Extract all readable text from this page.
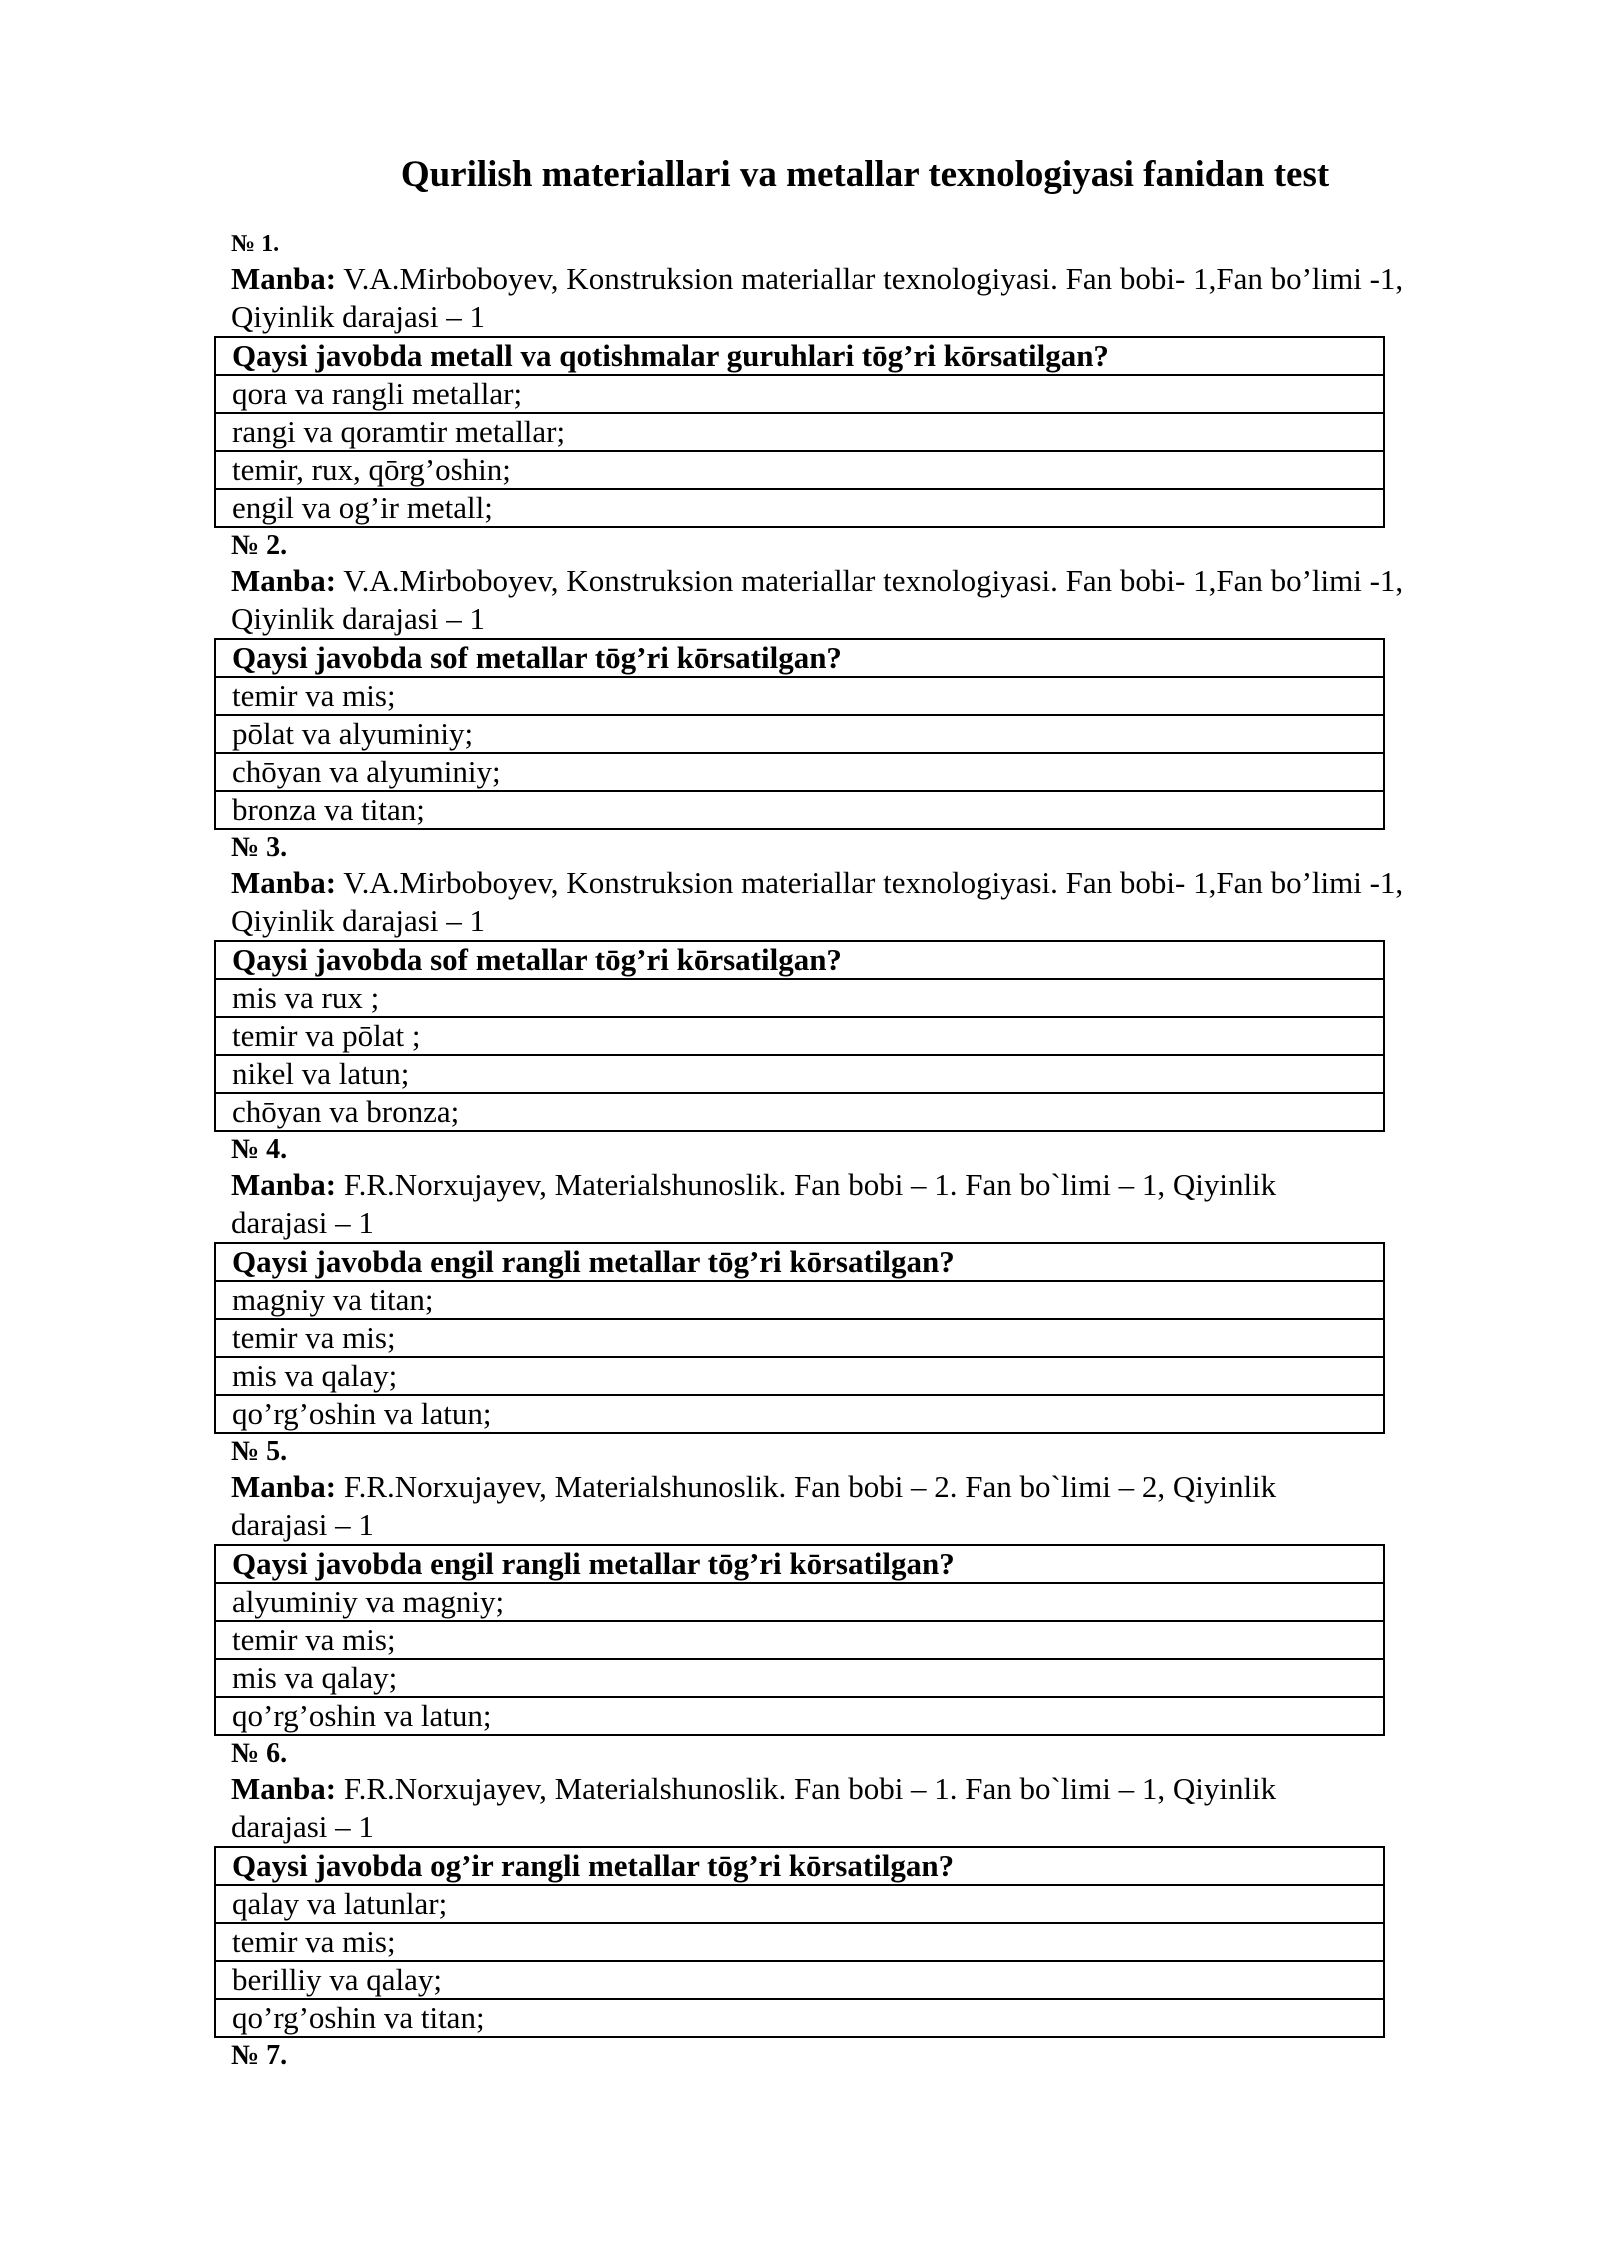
Qurilish materiallari va metallar texnologiyasi fanidan test
№ 1.
Manba: V.A.Mirboboyev, Konstruksion materiallar texnologiyasi. Fan bobi- 1,Fan bo’limi -1,
Qiyinlik darajasi – 1
Qaysi javobda metall va qotishmalar guruhlari tōg’ri kōrsatilgan?
qora va rangli metallar;
rangi va qoramtir metallar;
temir, rux, qōrg’oshin;
engil va og’ir metall;
№ 2.
Manba: V.A.Mirboboyev, Konstruksion materiallar texnologiyasi. Fan bobi- 1,Fan bo’limi -1,
Qiyinlik darajasi – 1
Qaysi javobda sof metallar tōg’ri kōrsatilgan?
temir va mis;
pōlat va alyuminiy;
chōyan va alyuminiy;
bronza va titan;
№ 3.
Manba: V.A.Mirboboyev, Konstruksion materiallar texnologiyasi. Fan bobi- 1,Fan bo’limi -1,
Qiyinlik darajasi – 1
Qaysi javobda sof metallar tōg’ri kōrsatilgan?
mis va rux ;
temir va pōlat ;
nikel va latun;
chōyan va bronza;
№ 4.
Manba: F.R.Norxujayev, Materialshunoslik. Fan bobi – 1. Fan bo`limi – 1, Qiyinlik
darajasi – 1
Qaysi javobda engil rangli metallar tōg’ri kōrsatilgan?
magniy va titan;
temir va mis;
mis va qalay;
qo’rg’oshin va latun;
№ 5.
Manba: F.R.Norxujayev, Materialshunoslik. Fan bobi – 2. Fan bo`limi – 2, Qiyinlik
darajasi – 1
Qaysi javobda engil rangli metallar tōg’ri kōrsatilgan?
alyuminiy va magniy;
temir va mis;
mis va qalay;
qo’rg’oshin va latun;
№ 6.
Manba: F.R.Norxujayev, Materialshunoslik. Fan bobi – 1. Fan bo`limi – 1, Qiyinlik
darajasi – 1
Qaysi javobda og’ir rangli metallar tōg’ri kōrsatilgan?
qalay va latunlar;
temir va mis;
berilliy va qalay;
qo’rg’oshin va titan;
№ 7.
